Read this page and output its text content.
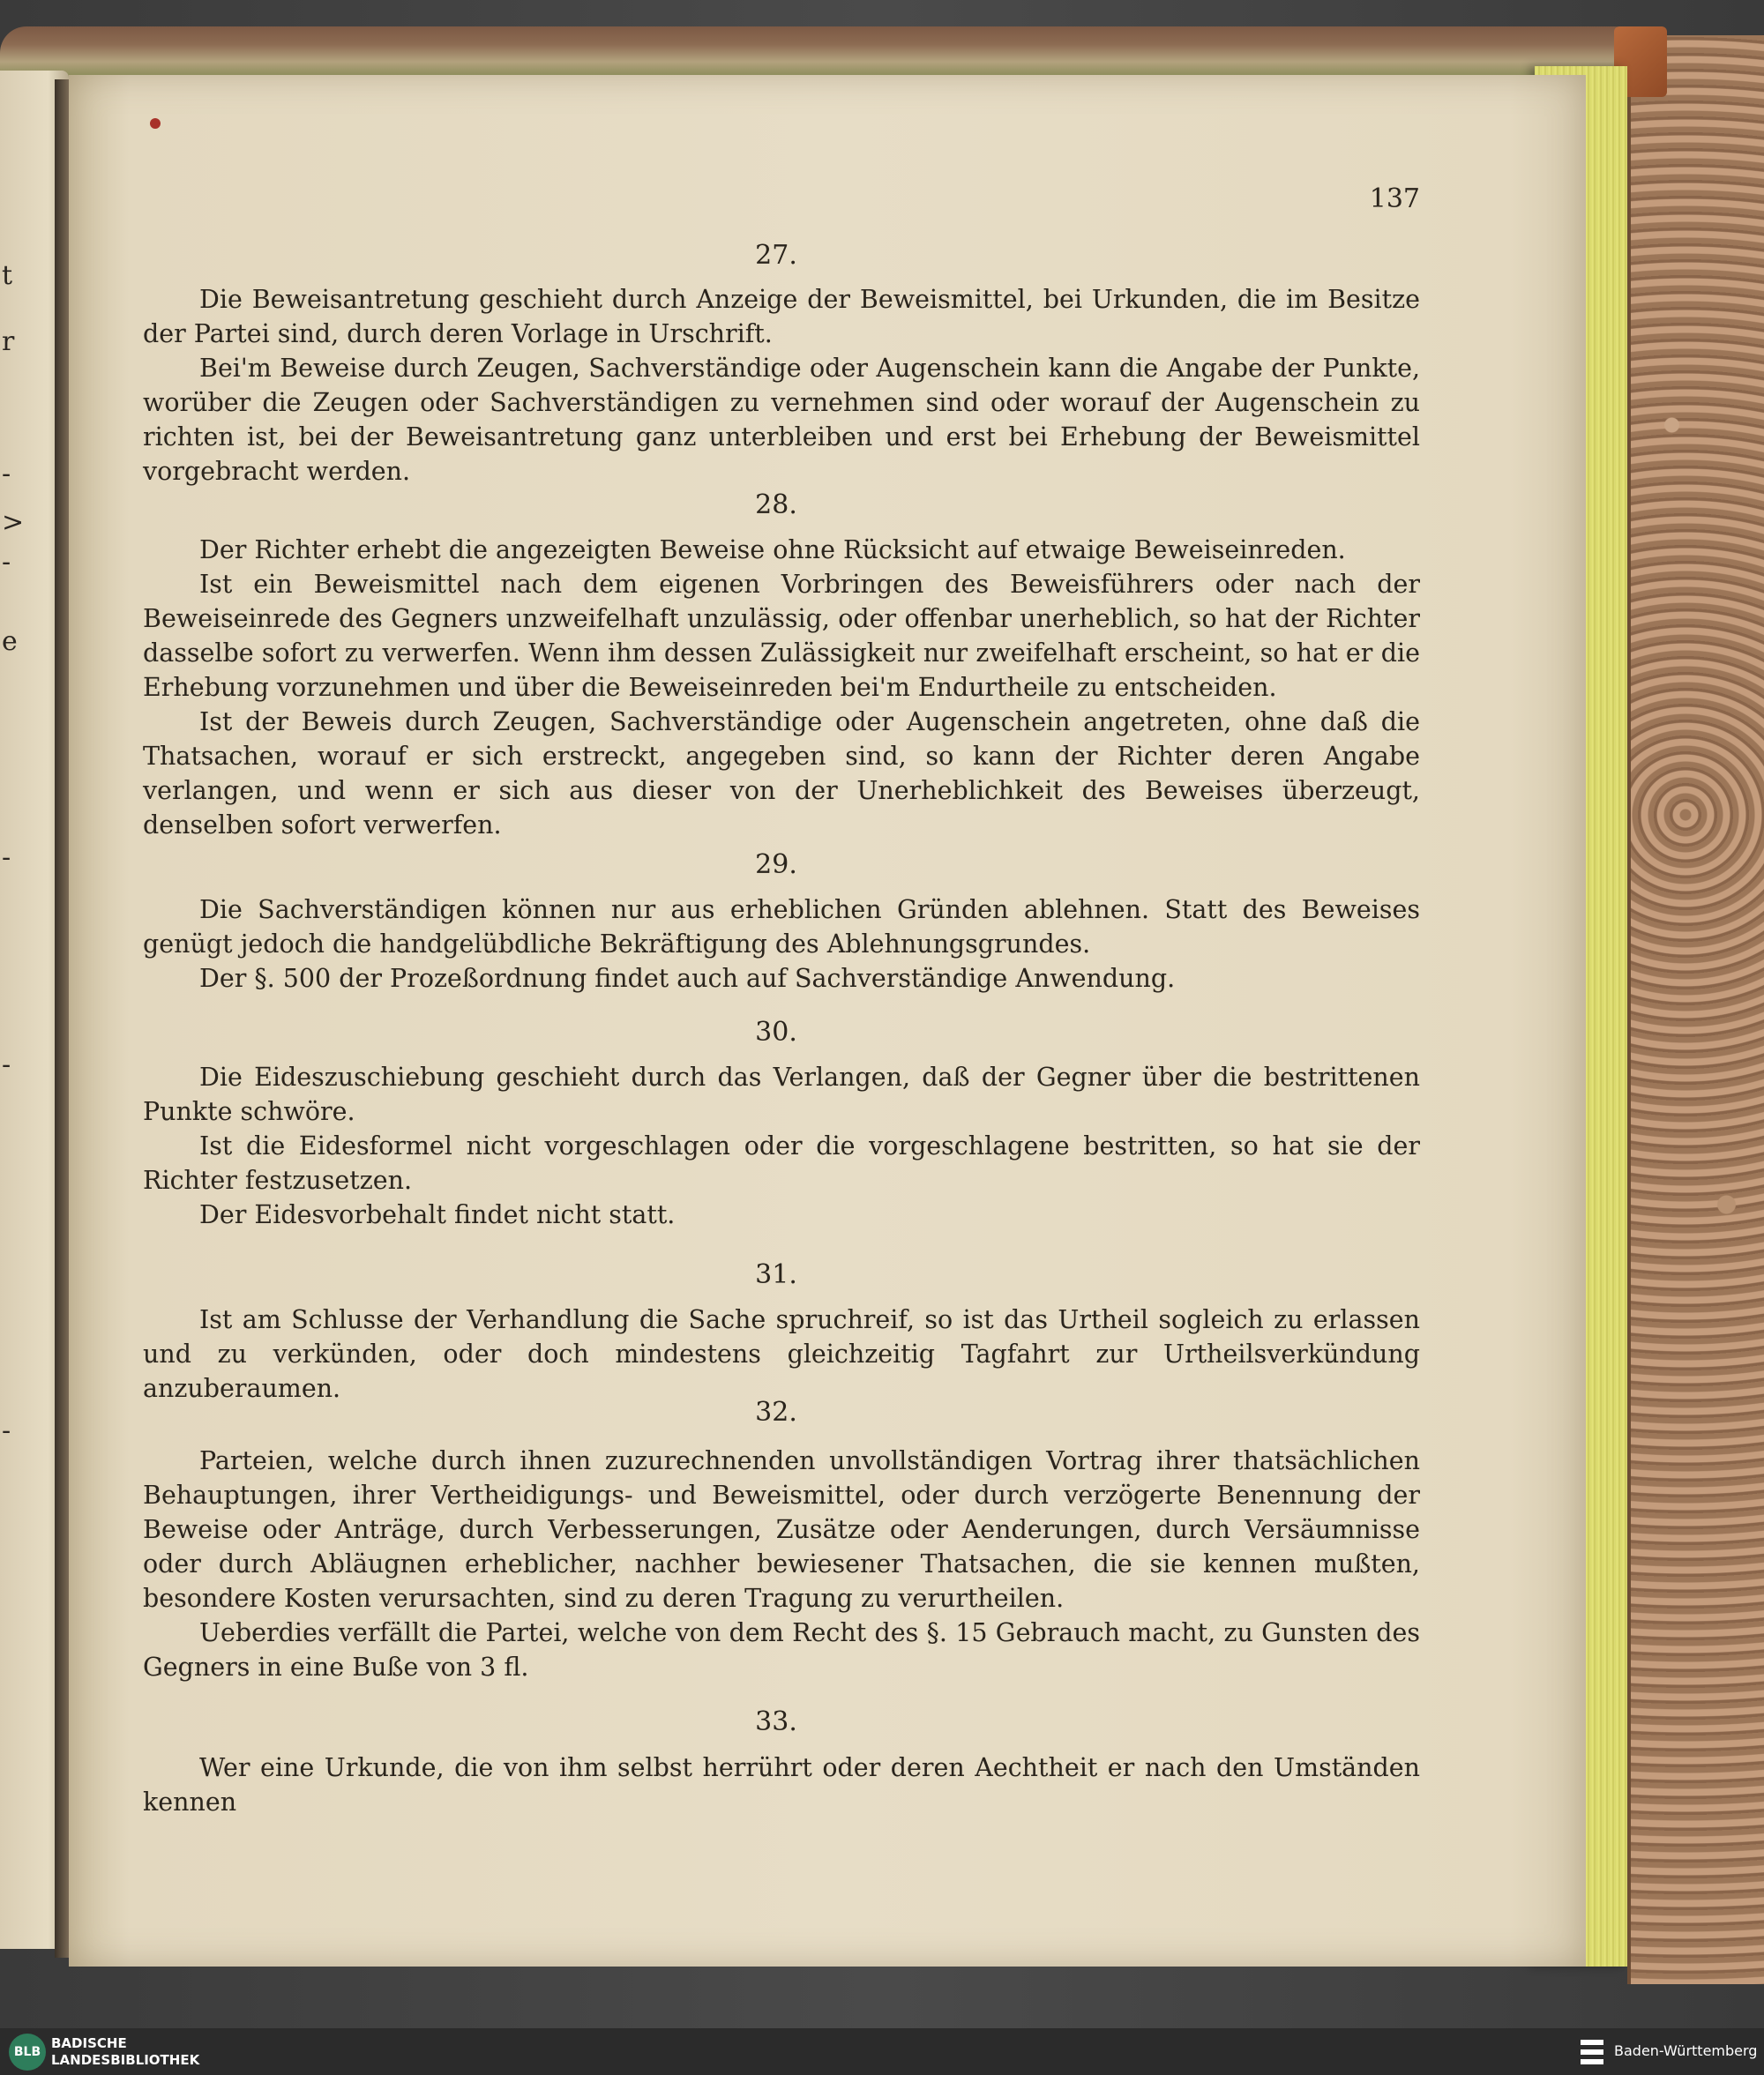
t
r
-
>
-
e
-
-
-
137
27.

Die Beweisantretung geschieht durch Anzeige der Beweismittel, bei Urkunden, die im Besitze der Partei sind, durch deren Vorlage in Urschrift.

Bei'm Beweise durch Zeugen, Sachverständige oder Augenschein kann die Angabe der Punkte, worüber die Zeugen oder Sachverständigen zu vernehmen sind oder worauf der Augenschein zu richten ist, bei der Beweisantretung ganz unterbleiben und erst bei Erhebung der Beweismittel vorgebracht werden.

28.

Der Richter erhebt die angezeigten Beweise ohne Rücksicht auf etwaige Beweiseinreden.

Ist ein Beweismittel nach dem eigenen Vorbringen des Beweisführers oder nach der Beweiseinrede des Gegners unzweifelhaft unzulässig, oder offenbar unerheblich, so hat der Richter dasselbe sofort zu verwerfen. Wenn ihm dessen Zulässigkeit nur zweifelhaft erscheint, so hat er die Erhebung vorzunehmen und über die Beweiseinreden bei'm Endurtheile zu entscheiden.

Ist der Beweis durch Zeugen, Sachverständige oder Augenschein angetreten, ohne daß die Thatsachen, worauf er sich erstreckt, angegeben sind, so kann der Richter deren Angabe verlangen, und wenn er sich aus dieser von der Unerheblichkeit des Beweises überzeugt, denselben sofort verwerfen.

29.

Die Sachverständigen können nur aus erheblichen Gründen ablehnen. Statt des Beweises genügt jedoch die handgelübdliche Bekräftigung des Ablehnungsgrundes.

Der §. 500 der Prozeßordnung findet auch auf Sachverständige Anwendung.

30.

Die Eideszuschiebung geschieht durch das Verlangen, daß der Gegner über die bestrittenen Punkte schwöre.

Ist die Eidesformel nicht vorgeschlagen oder die vorgeschlagene bestritten, so hat sie der Richter festzusetzen.

Der Eidesvorbehalt findet nicht statt.

31.

Ist am Schlusse der Verhandlung die Sache spruchreif, so ist das Urtheil sogleich zu erlassen und zu verkünden, oder doch mindestens gleichzeitig Tagfahrt zur Urtheilsverkündung anzuberaumen.

32.

Parteien, welche durch ihnen zuzurechnenden unvollständigen Vortrag ihrer thatsächlichen Behauptungen, ihrer Vertheidigungs- und Beweismittel, oder durch verzögerte Benennung der Beweise oder Anträge, durch Verbesserungen, Zusätze oder Aenderungen, durch Versäumnisse oder durch Abläugnen erheblicher, nachher bewiesener Thatsachen, die sie kennen mußten, besondere Kosten verursachten, sind zu deren Tragung zu verurtheilen.

Ueberdies verfällt die Partei, welche von dem Recht des §. 15 Gebrauch macht, zu Gunsten des Gegners in eine Buße von 3 fl.

33.

Wer eine Urkunde, die von ihm selbst herrührt oder deren Aechtheit er nach den Umständen kennen

BLB
BADISCHE
LANDESBIBLIOTHEK
Baden-Württemberg
